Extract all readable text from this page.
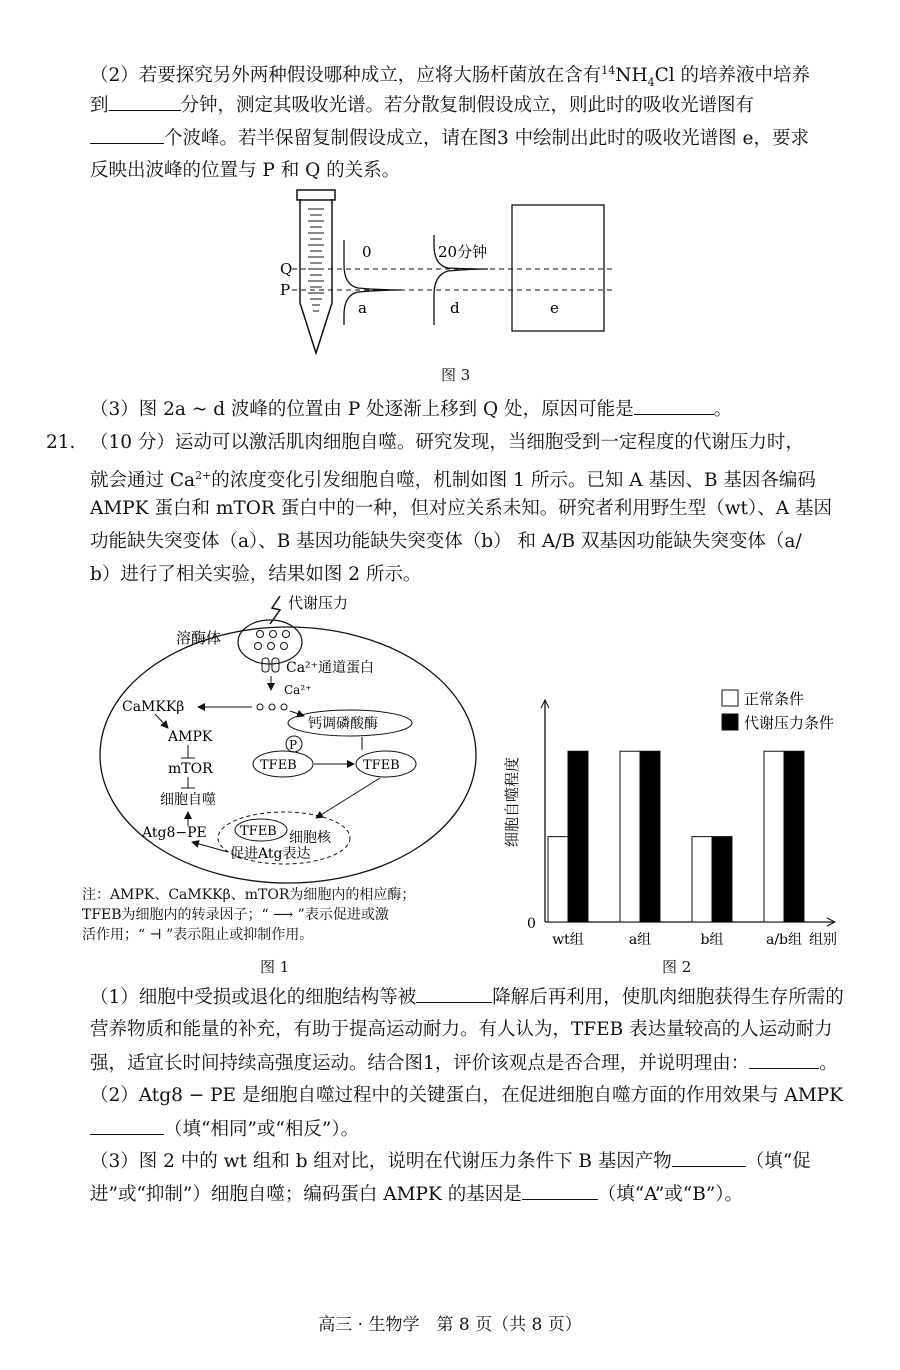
（2）若要探究另外两种假设哪种成立，应将大肠杆菌放在含有$^{14}NH_4Cl$ 的培养液中培养
到	分钟，测定其吸收光谱。若分散复制假设成立，则此时的吸收光谱图有
个波峰。若半保留复制假设成立，请在图3 中绘制出此时的吸收光谱图 e，要求
反映出波峰的位置与 P 和 Q 的关系。
Q
P
0
a
20分钟
d	e
图 3
（3）图 2a ~ d 波峰的位置由 P 处逐渐上移到 Q 处，原因可能是	。
21. （10 分）运动可以激活肌肉细胞自噬。研究发现，当细胞受到一定程度的代谢压力时，
就会通过 $Ca^{2+}$的浓度变化引发细胞自噬，机制如图 1 所示。已知 A 基因、B 基因各编码
AMPK 蛋白和 mTOR 蛋白中的一种，但对应关系未知。研究者利用野生型（wt）、A 基因
功能缺失突变体（a）、B 基因功能缺失突变体（b） 和 A/B 双基因功能缺失突变体（a/
b）进行了相关实验，结果如图 2 所示。
代谢压力
溶酶体
Ca²⁺通道蛋白
Ca²⁺
CaMKKβ
AMPK
mTOR
细胞自噬
Atg8−PE
钙调磷酸酶
P
TFEB	TFEB
TFEB 细胞核
促进Atg表达
注：AMPK、CaMKKβ、mTOR为细胞内的相应酶；
TFEB为细胞内的转录因子；“ ⟶ ”表示促进或激
活作用；“ ⊣ ”表示阻止或抑制作用。
图 1
0
细胞自噬程度
组别
wt组	a组	b组	a/b组
正常条件
代谢压力条件
图 2
（1）细胞中受损或退化的细胞结构等被	降解后再利用，使肌肉细胞获得生存所需的
营养物质和能量的补充，有助于提高运动耐力。有人认为，TFEB 表达量较高的人运动耐力
强，适宜长时间持续高强度运动。结合图1，评价该观点是否合理，并说明理由：	。
（2）Atg8 − PE 是细胞自噬过程中的关键蛋白，在促进细胞自噬方面的作用效果与 AMPK
（填“相同”或“相反”）。
（3）图 2 中的 wt 组和 b 组对比，说明在代谢压力条件下 B 基因产物	（填“促
进”或“抑制”）细胞自噬；编码蛋白 AMPK 的基因是	（填“A”或“B”）。
高三 · 生物学　第 8 页（共 8 页）
